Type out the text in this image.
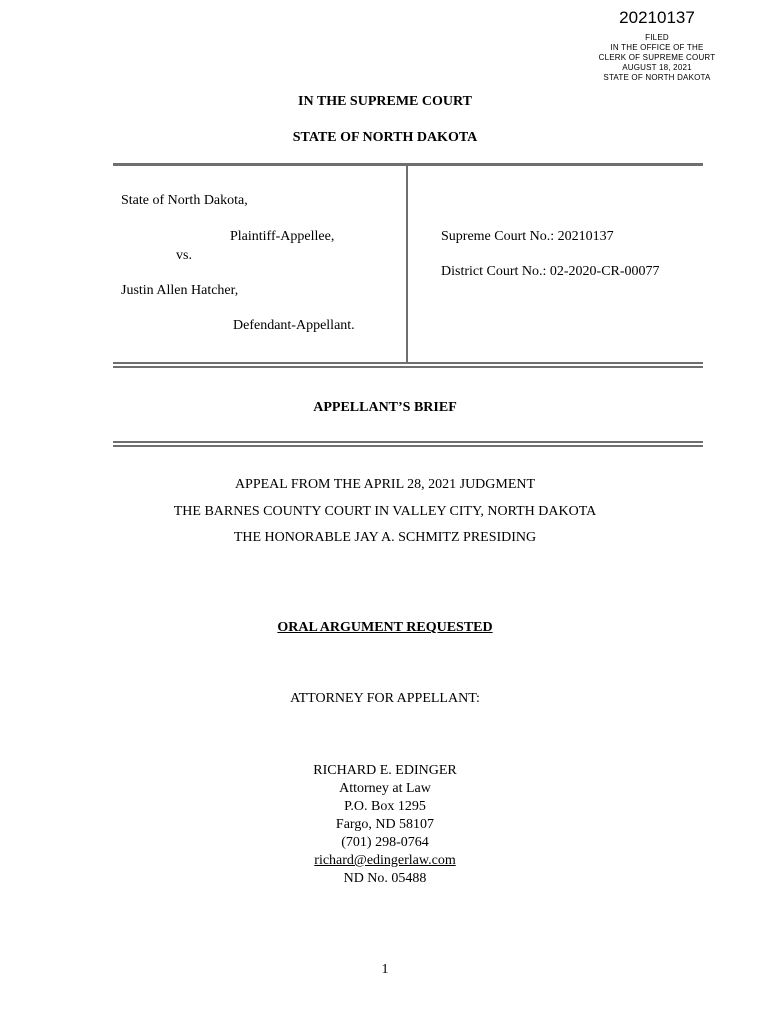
20210137
FILED
IN THE OFFICE OF THE
CLERK OF SUPREME COURT
AUGUST 18, 2021
STATE OF NORTH DAKOTA
IN THE SUPREME COURT
STATE OF NORTH DAKOTA
State of North Dakota,
Plaintiff-Appellee,
vs.
Justin Allen Hatcher,
Defendant-Appellant.
Supreme Court No.: 20210137
District Court No.: 02-2020-CR-00077
APPELLANT’S BRIEF
APPEAL FROM THE APRIL 28, 2021 JUDGMENT
THE BARNES COUNTY COURT IN VALLEY CITY, NORTH DAKOTA
THE HONORABLE JAY A. SCHMITZ PRESIDING
ORAL ARGUMENT REQUESTED
ATTORNEY FOR APPELLANT:
RICHARD E. EDINGER
Attorney at Law
P.O. Box 1295
Fargo, ND 58107
(701) 298-0764
richard@edingerlaw.com
ND No. 05488
1
